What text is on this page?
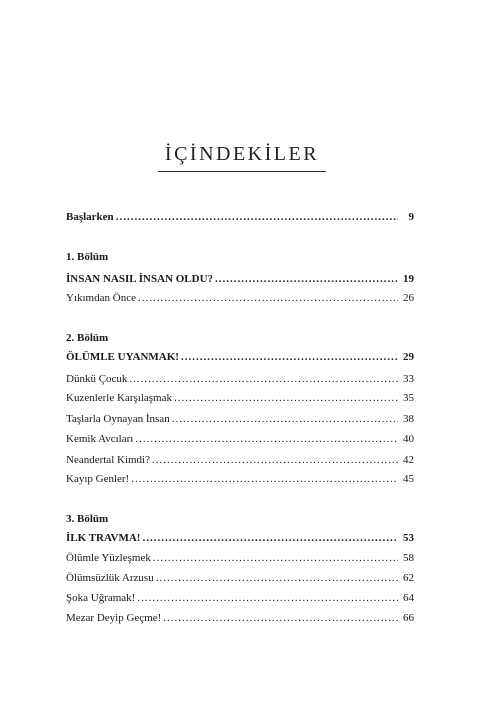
İÇİNDEKİLER
Başlarken .....	9
1. Bölüm
İNSAN NASIL İNSAN OLDU? .....	19
Yıkımdan Önce .....	26
2. Bölüm
ÖLÜMLE UYANMAK! .....	29
Dünkü Çocuk .....	33
Kuzenlerle Karşılaşmak .....	35
Taşlarla Oynayan İnsan .....	38
Kemik Avcıları .....	40
Neandertal Kimdi? .....	42
Kayıp Genler! .....	45
3. Bölüm
İLK TRAVMA! .....	53
Ölümle Yüzleşmek .....	58
Ölümsüzlük Arzusu .....	62
Şoka Uğramak! .....	64
Mezar Deyip Geçme! .....	66
